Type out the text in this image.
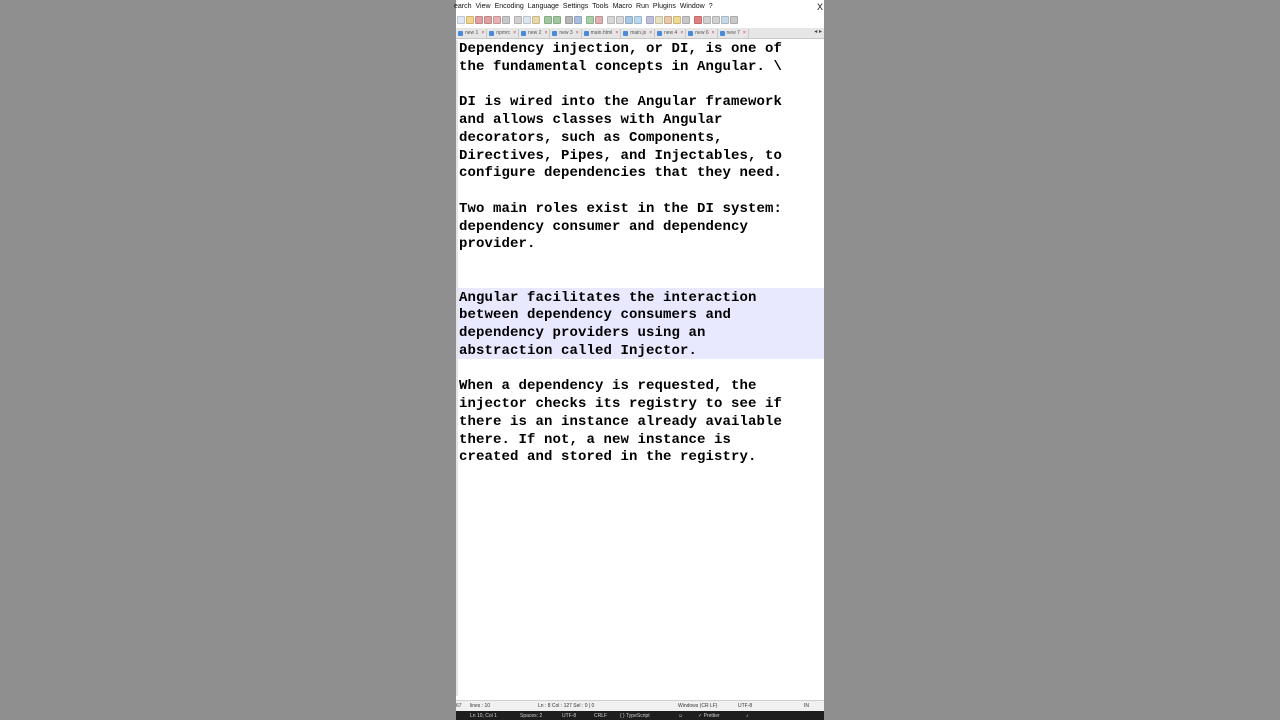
earch View Encoding Language Settings Tools Macro Run Plugins Window ?	X
new 1 × npmrc × new 2 × new 3 × main.html × main.js × new 4 × new 6 × new 7 ×	◂ ▸
Dependency injection, or DI, is one of
the fundamental concepts in Angular. \
DI is wired into the Angular framework
and allows classes with Angular
decorators, such as Components,
Directives, Pipes, and Injectables, to
configure dependencies that they need.
Two main roles exist in the DI system:
dependency consumer and dependency
provider.
Angular facilitates the interaction
between dependency consumers and
dependency providers using an
abstraction called Injector.
When a dependency is requested, the
injector checks its registry to see if
there is an instance already available
there. If not, a new instance is
created and stored in the registry.
67 lines : 10	Ln : 8 Col : 127 Sel : 0 | 0	Windows (CR LF)	UTF-8	IN
Ln 10, Col 1	Spaces: 2	UTF-8	CRLF	{ } TypeScript	☺	✓ Prettier	♪
